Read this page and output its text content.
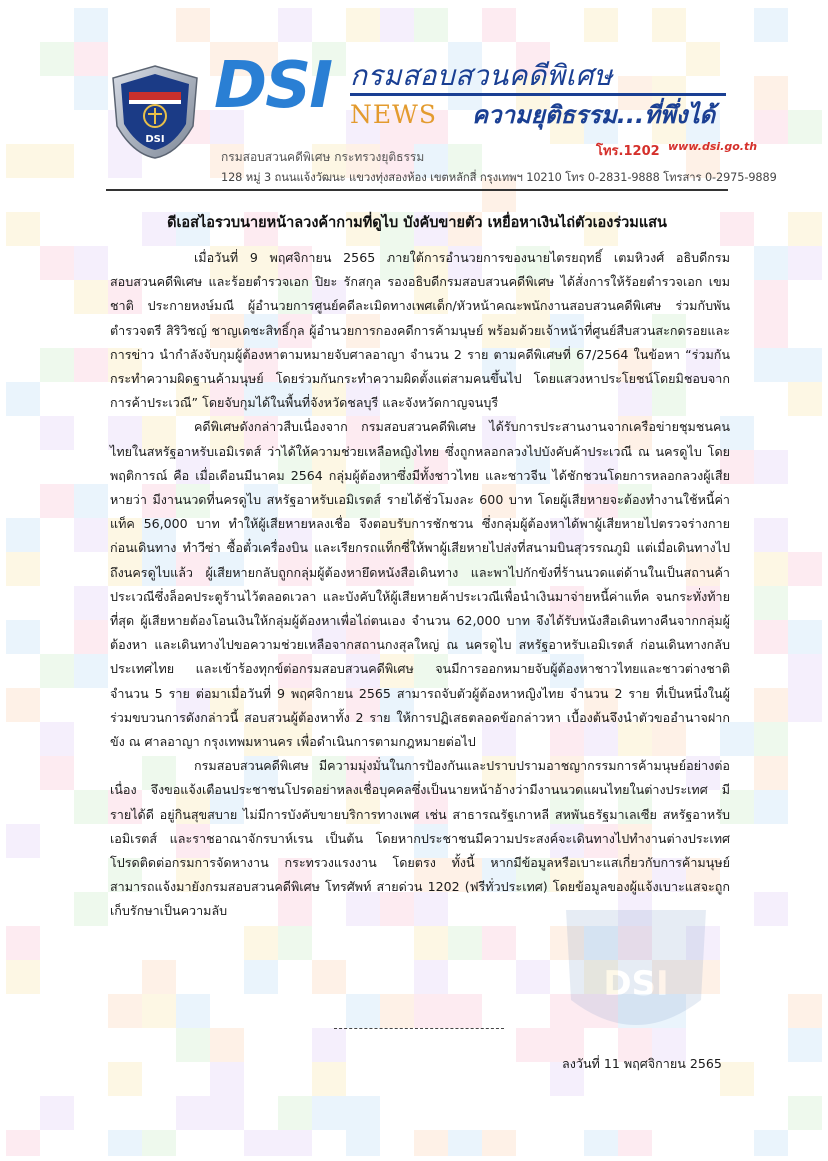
DSI
DSI
DSI กรมสอบสวนคดีพิเศษ
NEWS ความยุติธรรม...ที่พึ่งได้
โทร.1202 www.dsi.go.th
กรมสอบสวนคดีพิเศษ กระทรวงยุติธรรม
128 หมู่ 3 ถนนแจ้งวัฒนะ แขวงทุ่งสองห้อง เขตหลักสี่ กรุงเทพฯ 10210 โทร 0-2831-9888 โทรสาร 0-2975-9889
ดีเอสไอรวบนายหน้าลวงค้ากามที่ดูไบ บังคับขายตัว เหยื่อหาเงินไถ่ตัวเองร่วมแสน

เมื่อวันที่ 9 พฤศจิกายน 2565 ภายใต้การอำนวยการของนายไตรยฤทธิ์ เตมหิวงศ์ อธิบดีกรมสอบสวนคดีพิเศษ และร้อยตำรวจเอก ปิยะ รักสกุล รองอธิบดีกรมสอบสวนคดีพิเศษ ได้สั่งการให้ร้อยตำรวจเอก เขมชาติ ประกายหงษ์มณี ผู้อำนวยการศูนย์คดีละเมิดทางเพศเด็ก/หัวหน้าคณะพนักงานสอบสวนคดีพิเศษ ร่วมกับพันตำรวจตรี สิริวิชญ์ ชาญเดชะสิทธิ์กุล ผู้อำนวยการกองคดีการค้ามนุษย์ พร้อมด้วยเจ้าหน้าที่ศูนย์สืบสวนสะกดรอยและการข่าว นำกำลังจับกุมผู้ต้องหาตามหมายจับศาลอาญา จำนวน 2 ราย ตามคดีพิเศษที่ 67/2564 ในข้อหา “ร่วมกันกระทำความผิดฐานค้ามนุษย์ โดยร่วมกันกระทำความผิดตั้งแต่สามคนขึ้นไป โดยแสวงหาประโยชน์โดยมิชอบจากการค้าประเวณี” โดยจับกุมได้ในพื้นที่จังหวัดชลบุรี และจังหวัดกาญจนบุรี

คดีพิเศษดังกล่าวสืบเนื่องจาก กรมสอบสวนคดีพิเศษ ได้รับการประสานงานจากเครือข่ายชุมชนคนไทยในสหรัฐอาหรับเอมิเรตส์ ว่าได้ให้ความช่วยเหลือหญิงไทย ซึ่งถูกหลอกลวงไปบังคับค้าประเวณี ณ นครดูไบ โดยพฤติการณ์ คือ เมื่อเดือนมีนาคม 2564 กลุ่มผู้ต้องหาซึ่งมีทั้งชาวไทย และชาวจีน ได้ชักชวนโดยการหลอกลวงผู้เสียหายว่า มีงานนวดที่นครดูไบ สหรัฐอาหรับเอมิเรตส์ รายได้ชั่วโมงละ 600 บาท โดยผู้เสียหายจะต้องทำงานใช้หนี้ค่าแท็ค 56,000 บาท ทำให้ผู้เสียหายหลงเชื่อ จึงตอบรับการชักชวน ซึ่งกลุ่มผู้ต้องหาได้พาผู้เสียหายไปตรวจร่างกายก่อนเดินทาง ทำวีซ่า ซื้อตั๋วเครื่องบิน และเรียกรถแท็กซี่ให้พาผู้เสียหายไปส่งที่สนามบินสุวรรณภูมิ แต่เมื่อเดินทางไปถึงนครดูไบแล้ว ผู้เสียหายกลับถูกกลุ่มผู้ต้องหายึดหนังสือเดินทาง และพาไปกักขังที่ร้านนวดแต่ด้านในเป็นสถานค้าประเวณีซึ่งล็อคประตูร้านไว้ตลอดเวลา และบังคับให้ผู้เสียหายค้าประเวณีเพื่อนำเงินมาจ่ายหนี้ค่าแท็ค จนกระทั่งท้ายที่สุด ผู้เสียหายต้องโอนเงินให้กลุ่มผู้ต้องหาเพื่อไถ่ตนเอง จำนวน 62,000 บาท จึงได้รับหนังสือเดินทางคืนจากกลุ่มผู้ต้องหา และเดินทางไปขอความช่วยเหลือจากสถานกงสุลใหญ่ ณ นครดูไบ สหรัฐอาหรับเอมิเรตส์ ก่อนเดินทางกลับประเทศไทย และเข้าร้องทุกข์ต่อกรมสอบสวนคดีพิเศษ จนมีการออกหมายจับผู้ต้องหาชาวไทยและชาวต่างชาติ จำนวน 5 ราย ต่อมาเมื่อวันที่ 9 พฤศจิกายน 2565 สามารถจับตัวผู้ต้องหาหญิงไทย จำนวน 2 ราย ที่เป็นหนึ่งในผู้ร่วมขบวนการดังกล่าวนี้ สอบสวนผู้ต้องหาทั้ง 2 ราย ให้การปฏิเสธตลอดข้อกล่าวหา เบื้องต้นจึงนำตัวขออำนาจฝากขัง ณ ศาลอาญา กรุงเทพมหานคร เพื่อดำเนินการตามกฎหมายต่อไป

กรมสอบสวนคดีพิเศษ มีความมุ่งมั่นในการป้องกันและปราบปรามอาชญากรรมการค้ามนุษย์อย่างต่อเนื่อง จึงขอแจ้งเตือนประชาชนโปรดอย่าหลงเชื่อบุคคลซึ่งเป็นนายหน้าอ้างว่ามีงานนวดแผนไทยในต่างประเทศ มีรายได้ดี อยู่กินสุขสบาย ไม่มีการบังคับขายบริการทางเพศ เช่น สาธารณรัฐเกาหลี สหพันธรัฐมาเลเซีย สหรัฐอาหรับเอมิเรตส์ และราชอาณาจักรบาห์เรน เป็นต้น โดยหากประชาชนมีความประสงค์จะเดินทางไปทำงานต่างประเทศโปรดติดต่อกรมการจัดหางาน กระทรวงแรงงาน โดยตรง ทั้งนี้ หากมีข้อมูลหรือเบาะแสเกี่ยวกับการค้ามนุษย์ สามารถแจ้งมายังกรมสอบสวนคดีพิเศษ โทรศัพท์ สายด่วน 1202 (ฟรีทั่วประเทศ) โดยข้อมูลของผู้แจ้งเบาะแสจะถูกเก็บรักษาเป็นความลับ

ลงวันที่ 11 พฤศจิกายน 2565
